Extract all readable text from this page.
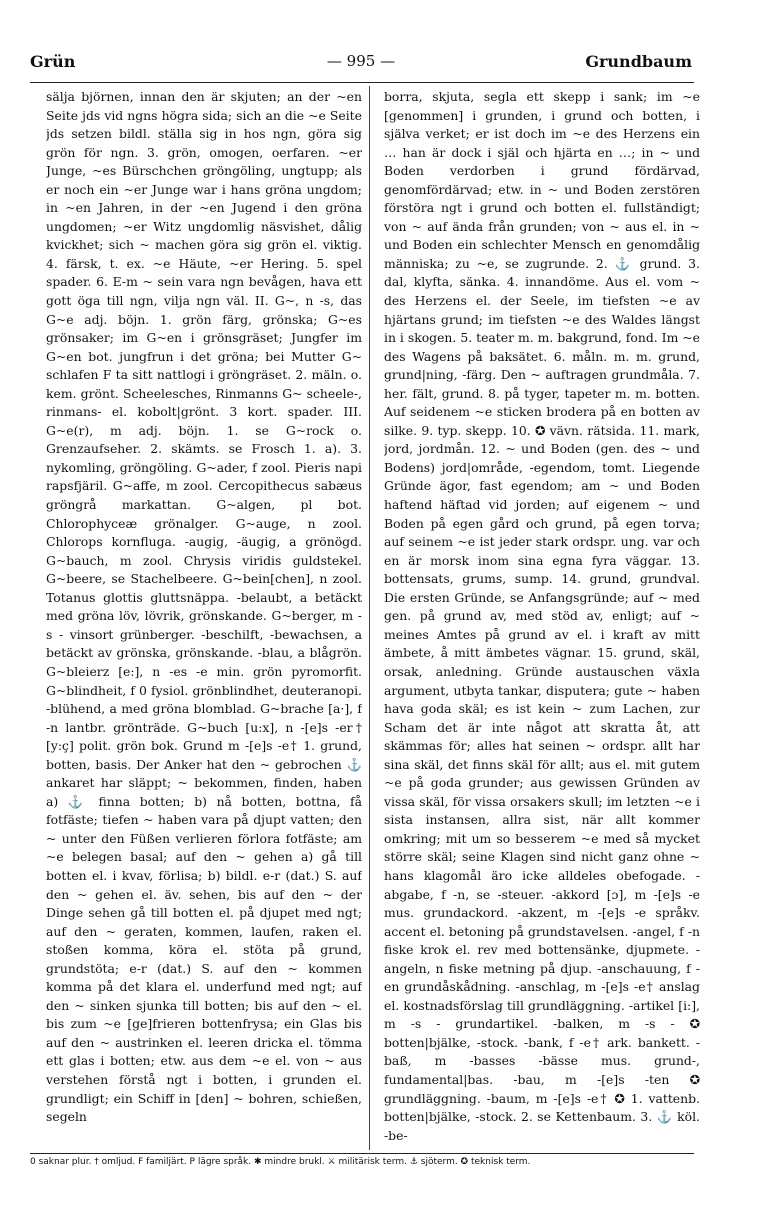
Grün	— 995 —	Grundbaum

sälja björnen, innan den är skjuten; an der ~en Seite jds vid ngns högra sida; sich an die ~e Seite jds setzen bildl. ställa sig in hos ngn, göra sig grön för ngn. 3. grön, omogen, oerfaren. ~er Junge, ~es Bürschchen gröngöling, ungtupp; als er noch ein ~er Junge war i hans gröna ungdom; in ~en Jahren, in der ~en Jugend i den gröna ungdomen; ~er Witz ungdomlig näsvishet, dålig kvickhet; sich ~ machen göra sig grön el. viktig. 4. färsk, t. ex. ~e Häute, ~er Hering. 5. spel spader. 6. E-m ~ sein vara ngn bevågen, hava ett gott öga till ngn, vilja ngn väl. II. G~, n -s, das G~e adj. böjn. 1. grön färg, grönska; G~es grönsaker; im G~en i grönsgräset; Jungfer im G~en bot. jungfrun i det gröna; bei Mutter G~ schlafen F ta sitt nattlogi i gröngräset. 2. mäln. o. kem. grönt. Scheelesches, Rinmanns G~ scheele-, rinmans- el. kobolt|grönt. 3 kort. spader. III. G~e(r), m adj. böjn. 1. se G~rock o. Grenzaufseher. 2. skämts. se Frosch 1. a). 3. nykomling, gröngöling. G~ader, f zool. Pieris napi rapsfjäril. G~affe, m zool. Cercopithecus sabæus gröngrå markattan. G~algen, pl bot. Chlorophyceæ grönalger. G~auge, n zool. Chlorops kornfluga. -augig, -äugig, a grönögd. G~bauch, m zool. Chrysis viridis guldstekel. G~beere, se Stachelbeere. G~bein[chen], n zool. Totanus glottis gluttsnäppa. -belaubt, a betäckt med gröna löv, lövrik, grönskande. G~berger, m -s - vinsort grünberger. -beschilft, -bewachsen, a betäckt av grönska, grönskande. -blau, a blågrön. G~bleierz [e:], n -es -e min. grön pyromorfit. G~blindheit, f 0 fysiol. grönblindhet, deuteranopi. -blühend, a med gröna blomblad. G~brache [a·], f -n lantbr. grönträde. G~buch [u:x], n -[e]s -er† [y:ç] polit. grön bok. Grund m -[e]s -e† 1. grund, botten, basis. Der Anker hat den ~ gebrochen ⚓ ankaret har släppt; ~ bekommen, finden, haben a) ⚓ finna botten; b) nå botten, bottna, få fotfäste; tiefen ~ haben vara på djupt vatten; den ~ unter den Füßen verlieren förlora fotfäste; am ~e belegen basal; auf den ~ gehen a) gå till botten el. i kvav, förlisa; b) bildl. e-r (dat.) S. auf den ~ gehen el. äv. sehen, bis auf den ~ der Dinge sehen gå till botten el. på djupet med ngt; auf den ~ geraten, kommen, laufen, raken el. stoßen komma, köra el. stöta på grund, grundstöta; e-r (dat.) S. auf den ~ kommen komma på det klara el. underfund med ngt; auf den ~ sinken sjunka till botten; bis auf den ~ el. bis zum ~e [ge]frieren bottenfrysa; ein Glas bis auf den ~ austrinken el. leeren dricka el. tömma ett glas i botten; etw. aus dem ~e el. von ~ aus verstehen förstå ngt i botten, i grunden el. grundligt; ein Schiff in [den] ~ bohren, schießen, segeln

borra, skjuta, segla ett skepp i sank; im ~e [genommen] i grunden, i grund och botten, i själva verket; er ist doch im ~e des Herzens ein … han är dock i själ och hjärta en …; in ~ und Boden verdorben i grund fördärvad, genomfördärvad; etw. in ~ und Boden zerstören förstöra ngt i grund och botten el. fullständigt; von ~ auf ända från grunden; von ~ aus el. in ~ und Boden ein schlechter Mensch en genomdålig människa; zu ~e, se zugrunde. 2. ⚓ grund. 3. dal, klyfta, sänka. 4. innandöme. Aus el. vom ~ des Herzens el. der Seele, im tiefsten ~e av hjärtans grund; im tiefsten ~e des Waldes längst in i skogen. 5. teater m. m. bakgrund, fond. Im ~e des Wagens på baksätet. 6. måln. m. m. grund, grund|ning, -färg. Den ~ auftragen grundmåla. 7. her. fält, grund. 8. på tyger, tapeter m. m. botten. Auf seidenem ~e sticken brodera på en botten av silke. 9. typ. skepp. 10. ✪ vävn. rätsida. 11. mark, jord, jordmån. 12. ~ und Boden (gen. des ~ und Bodens) jord|område, -egendom, tomt. Liegende Gründe ägor, fast egendom; am ~ und Boden haftend häftad vid jorden; auf eigenem ~ und Boden på egen gård och grund, på egen torva; auf seinem ~e ist jeder stark ordspr. ung. var och en är morsk inom sina egna fyra väggar. 13. bottensats, grums, sump. 14. grund, grundval. Die ersten Gründe, se Anfangsgründe; auf ~ med gen. på grund av, med stöd av, enligt; auf ~ meines Amtes på grund av el. i kraft av mitt ämbete, å mitt ämbetes vägnar. 15. grund, skäl, orsak, anledning. Gründe austauschen växla argument, utbyta tankar, disputera; gute ~ haben hava goda skäl; es ist kein ~ zum Lachen, zur Scham det är inte något att skratta åt, att skämmas för; alles hat seinen ~ ordspr. allt har sina skäl, det finns skäl för allt; aus el. mit gutem ~e på goda grunder; aus gewissen Gründen av vissa skäl, för vissa orsakers skull; im letzten ~e i sista instansen, allra sist, när allt kommer omkring; mit um so besserem ~e med så mycket större skäl; seine Klagen sind nicht ganz ohne ~ hans klagomål äro icke alldeles obefogade. -abgabe, f -n, se -steuer. -akkord [ɔ], m -[e]s -e mus. grundackord. -akzent, m -[e]s -e språkv. accent el. betoning på grundstavelsen. -angel, f -n fiske krok el. rev med bottensänke, djupmete. -angeln, n fiske metning på djup. -anschauung, f -en grundåskådning. -anschlag, m -[e]s -e† anslag el. kostnadsförslag till grundläggning. -artikel [i:], m -s - grundartikel. -balken, m -s - ✪ botten|bjälke, -stock. -bank, f -e† ark. bankett. -baß, m -basses -bässe mus. grund-, fundamental|bas. -bau, m -[e]s -ten ✪ grundläggning. -baum, m -[e]s -e† ✪ 1. vattenb. botten|bjälke, -stock. 2. se Kettenbaum. 3. ⚓ köl. -be-

0 saknar plur. † omljud. F familjärt. P lägre språk. ✱ mindre brukl. ⚔ militärisk term. ⚓ sjöterm. ✪ teknisk term.
